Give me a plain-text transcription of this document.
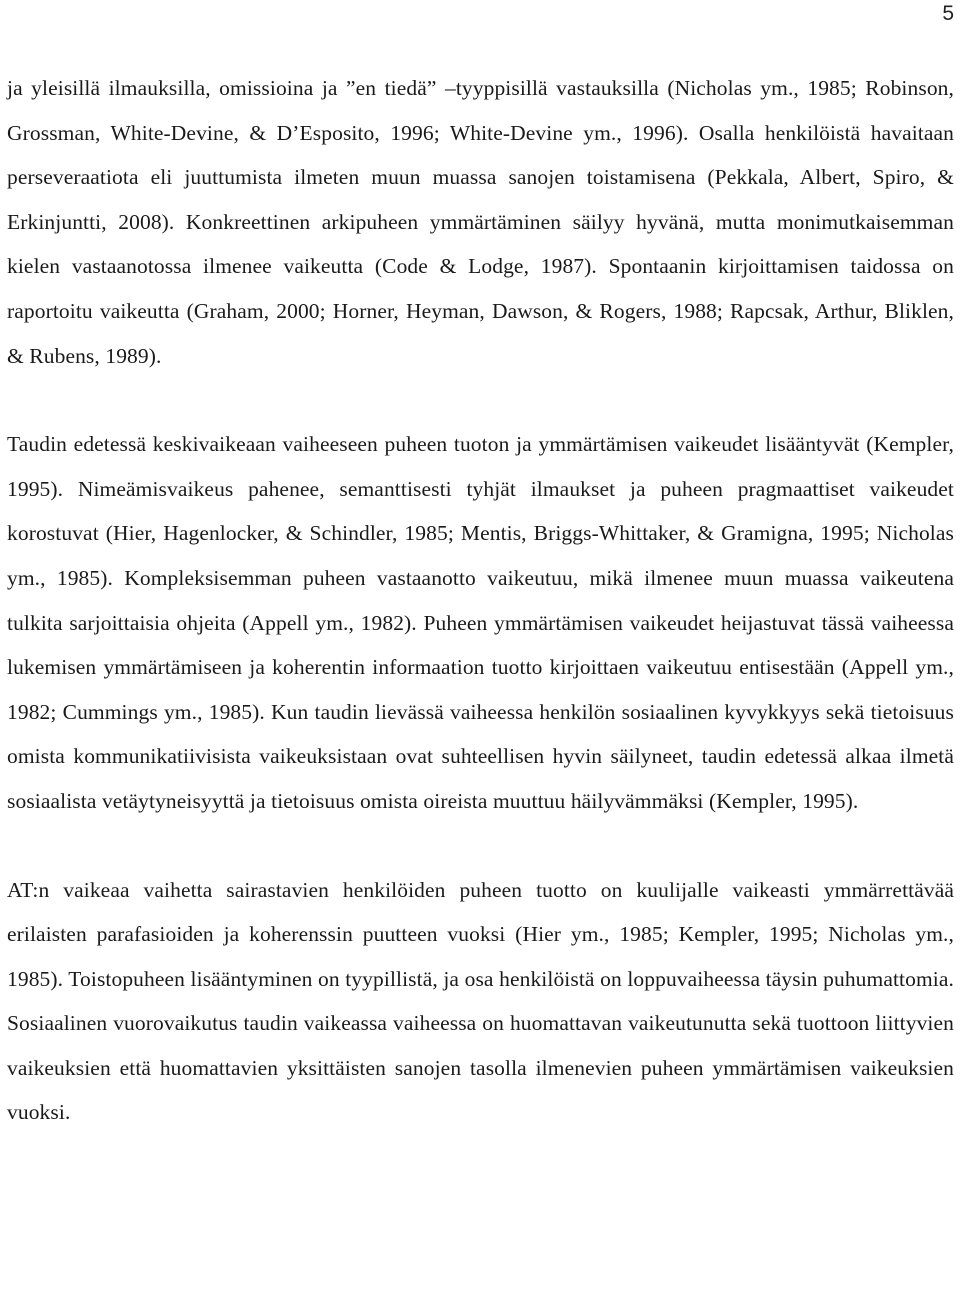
5

ja yleisillä ilmauksilla, omissioina ja ”en tiedä” –tyyppisillä vastauksilla (Nicholas ym., 1985; Robinson, Grossman, White-Devine, & D’Esposito, 1996; White-Devine ym., 1996). Osalla henkilöistä havaitaan perseveraatiota eli juuttumista ilmeten muun muassa sanojen toistamisena (Pekkala, Albert, Spiro, & Erkinjuntti, 2008). Konkreettinen arkipuheen ymmärtäminen säilyy hyvänä, mutta monimutkaisemman kielen vastaanotossa ilmenee vaikeutta (Code & Lodge, 1987). Spontaanin kirjoittamisen taidossa on raportoitu vaikeutta (Graham, 2000; Horner, Heyman, Dawson, & Rogers, 1988; Rapcsak, Arthur, Bliklen, & Rubens, 1989).

Taudin edetessä keskivaikeaan vaiheeseen puheen tuoton ja ymmärtämisen vaikeudet lisääntyvät (Kempler, 1995). Nimeämisvaikeus pahenee, semanttisesti tyhjät ilmaukset ja puheen pragmaattiset vaikeudet korostuvat (Hier, Hagenlocker, & Schindler, 1985; Mentis, Briggs-Whittaker, & Gramigna, 1995; Nicholas ym., 1985). Kompleksisemman puheen vastaanotto vaikeutuu, mikä ilmenee muun muassa vaikeutena tulkita sarjoittaisia ohjeita (Appell ym., 1982). Puheen ymmärtämisen vaikeudet heijastuvat tässä vaiheessa lukemisen ymmärtämiseen ja koherentin informaation tuotto kirjoittaen vaikeutuu entisestään (Appell ym., 1982; Cummings ym., 1985). Kun taudin lievässä vaiheessa henkilön sosiaalinen kyvykkyys sekä tietoisuus omista kommunikatiivisista vaikeuksistaan ovat suhteellisen hyvin säilyneet, taudin edetessä alkaa ilmetä sosiaalista vetäytyneisyyttä ja tietoisuus omista oireista muuttuu häilyvämmäksi (Kempler, 1995).

AT:n vaikeaa vaihetta sairastavien henkilöiden puheen tuotto on kuulijalle vaikeasti ymmärrettävää erilaisten parafasioiden ja koherenssin puutteen vuoksi (Hier ym., 1985; Kempler, 1995; Nicholas ym., 1985). Toistopuheen lisääntyminen on tyypillistä, ja osa henkilöistä on loppuvaiheessa täysin puhumattomia. Sosiaalinen vuorovaikutus taudin vaikeassa vaiheessa on huomattavan vaikeutunutta sekä tuottoon liittyvien vaikeuksien että huomattavien yksittäisten sanojen tasolla ilmenevien puheen ymmärtämisen vaikeuksien vuoksi.
